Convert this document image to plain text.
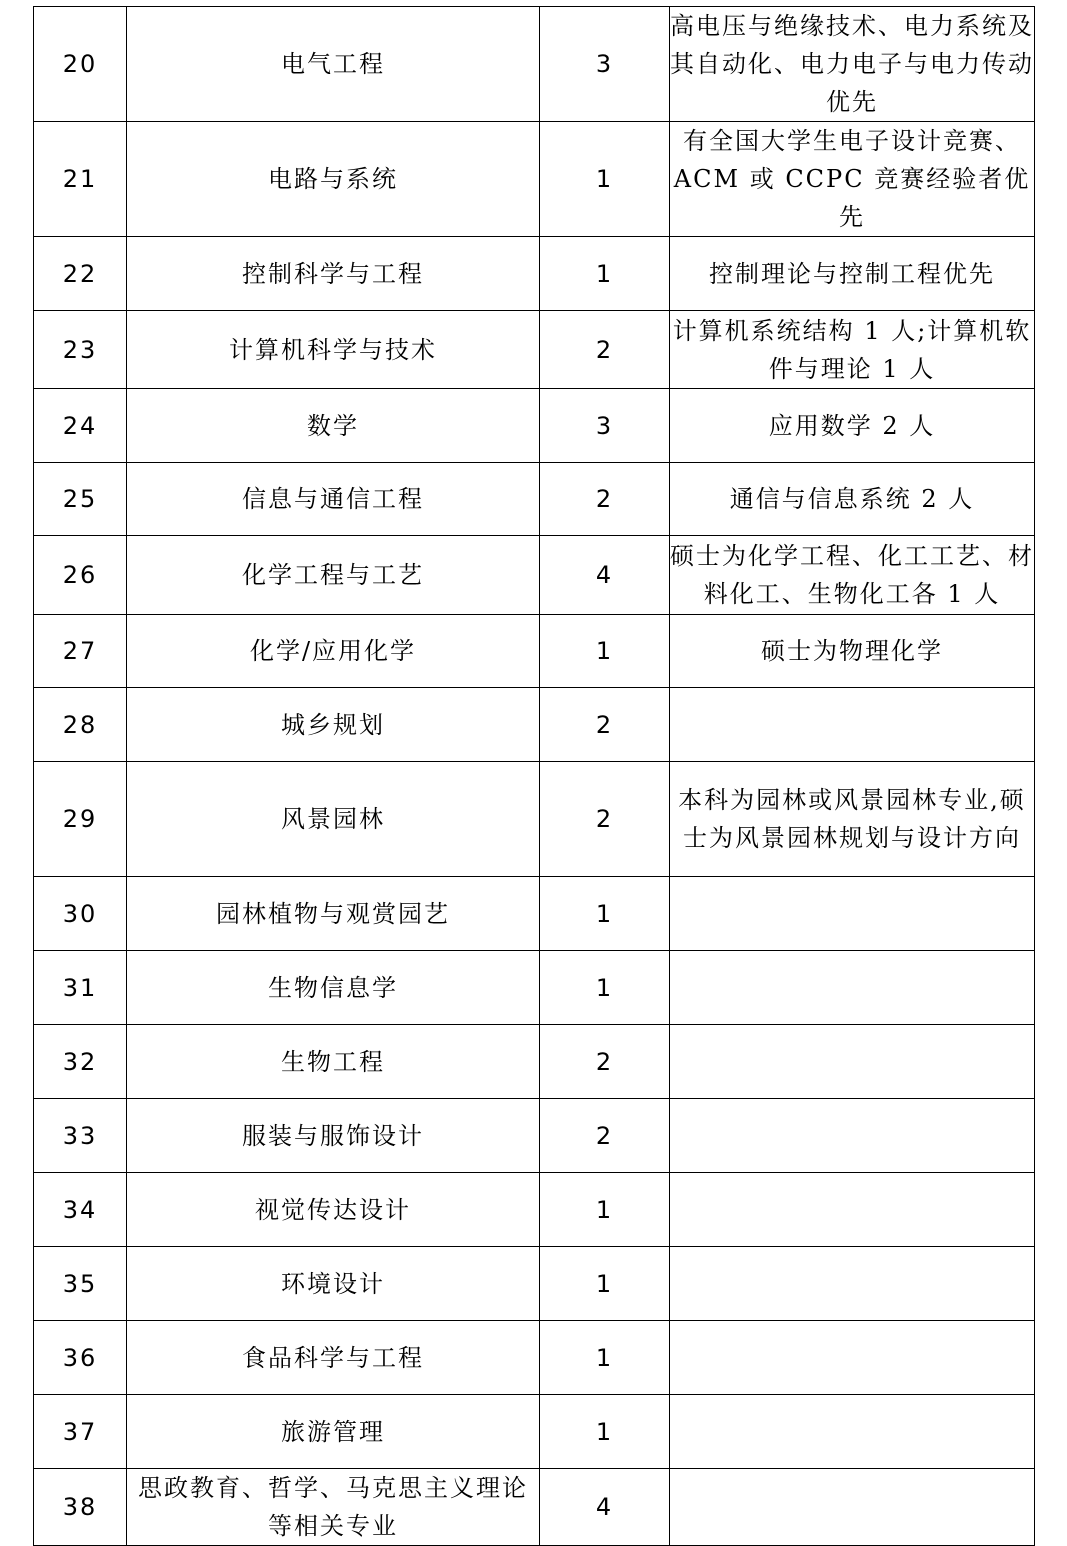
20	电气工程	3	高电压与绝缘技术、电力系统及其自动化、电力电子与电力传动优先
21	电路与系统	1	有全国大学生电子设计竞赛、ACM 或 CCPC 竞赛经验者优先
22	控制科学与工程	1	控制理论与控制工程优先
23	计算机科学与技术	2	计算机系统结构 1 人;计算机软件与理论 1 人
24	数学	3	应用数学 2 人
25	信息与通信工程	2	通信与信息系统 2 人
26	化学工程与工艺	4	硕士为化学工程、化工工艺、材料化工、生物化工各 1 人
27	化学/应用化学	1	硕士为物理化学
28	城乡规划	2	
29	风景园林	2	本科为园林或风景园林专业,硕士为风景园林规划与设计方向
30	园林植物与观赏园艺	1	
31	生物信息学	1	
32	生物工程	2	
33	服装与服饰设计	2	
34	视觉传达设计	1	
35	环境设计	1	
36	食品科学与工程	1	
37	旅游管理	1	
38	思政教育、哲学、马克思主义理论等相关专业	4	
